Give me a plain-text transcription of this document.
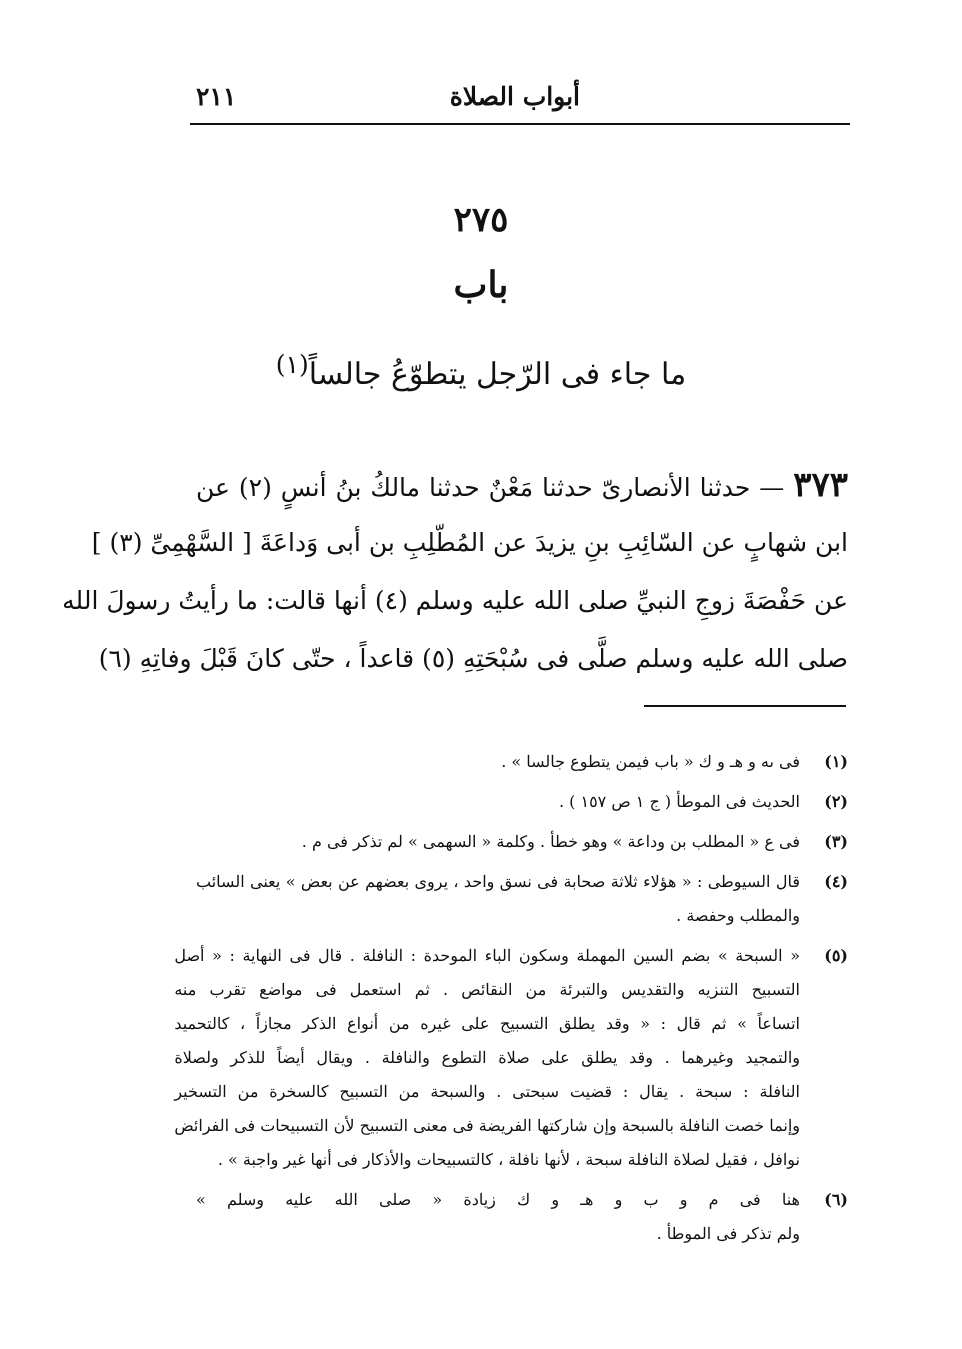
أبواب الصلاة
٢١١
٢٧٥
باب
ما جاء فى الرّجل يتطوّعُ جالساً$^{(١)}$
٣٧٣ — حدثنا الأنصارىّ حدثنا مَعْنٌ حدثنا مالكُ بنُ أنسٍ (٢) عن
ابن شهابٍ عن السّائِبِ بنِ يزيدَ عن المُطّلِبِ بن أبى وَداعَةَ [ السَّهْمِىِّ (٣) ]
عن حَفْصَةَ زوجِ النبيِّ صلى الله عليه وسلم (٤) أنها قالت: ما رأيتُ رسولَ الله
صلى الله عليه وسلم صلَّى فى سُبْحَتِهِ (٥) قاعداً ، حتّى كانَ قَبْلَ وفاتِهِ (٦)
(١)
فى ىه و هـ و ك « باب فيمن يتطوع جالسا » .
(٢)
الحديث فى الموطأ ( ج ١ ص ١٥٧ ) .
(٣)
فى ع « المطلب بن وداعة » وهو خطأ . وكلمة « السهمى » لم تذكر فى م .
(٤)
قال السيوطى : « هؤلاء ثلاثة صحابة فى نسق واحد ، يروى بعضهم عن بعض » يعنى السائب
والمطلب وحفصة .
(٥)
« السبحة » بضم السين المهملة وسكون الباء الموحدة : النافلة . قال فى النهاية : « أصل
التسبيح التنزيه والتقديس والتبرئة من النقائص . ثم استعمل فى مواضع تقرب منه
اتساعاً » ثم قال : « وقد يطلق التسبيح على غيره من أنواع الذكر مجازاً ، كالتحميد
والتمجيد وغيرهما . وقد يطلق على صلاة التطوع والنافلة . ويقال أيضاً للذكر ولصلاة
النافلة : سبحة . يقال : قضيت سبحتى . والسبحة من التسبيح كالسخرة من التسخير
وإنما خصت النافلة بالسبحة وإن شاركتها الفريضة فى معنى التسبيح لأن التسبيحات فى الفرائض
نوافل ، فقيل لصلاة النافلة سبحة ، لأنها نافلة ، كالتسبيحات والأذكار فى أنها غير واجبة » .
(٦)
هنا فى م و ب و هـ و ك زيادة « صلى الله عليه وسلم »
ولم تذكر فى الموطأ .
